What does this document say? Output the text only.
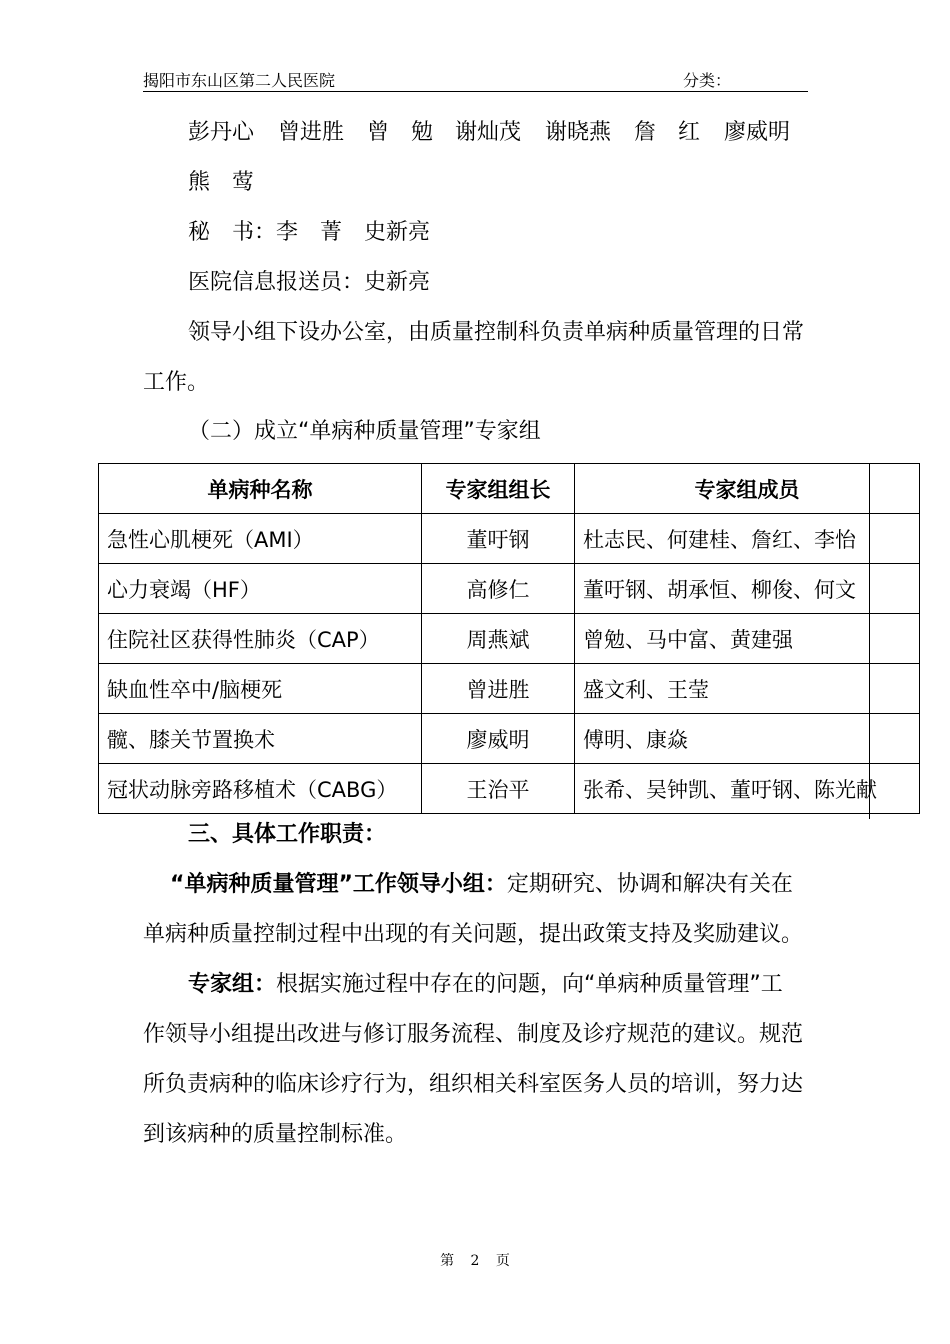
揭阳市东山区第二人民医院	分类：
彭丹心 曾进胜 曾　勉 谢灿茂 谢晓燕 詹　红 廖威明
熊　莺
秘　书：李　菁　史新亮
医院信息报送员：史新亮
领导小组下设办公室，由质量控制科负责单病种质量管理的日常
工作。
（二）成立“单病种质量管理”专家组
单病种名称	专家组组长	专家组成员
急性心肌梗死（AMI）	董吁钢	杜志民、何建桂、詹红、李怡
心力衰竭（HF）	高修仁	董吁钢、胡承恒、柳俊、何文
住院社区获得性肺炎（CAP）	周燕斌	曾勉、马中富、黄建强
缺血性卒中/脑梗死	曾进胜	盛文利、王莹
髋、膝关节置换术	廖威明	傅明、康焱
冠状动脉旁路移植术（CABG）	王治平	张希、吴钟凯、董吁钢、陈光献
三、具体工作职责：
“单病种质量管理”工作领导小组：定期研究、协调和解决有关在
单病种质量控制过程中出现的有关问题，提出政策支持及奖励建议。
专家组：根据实施过程中存在的问题，向“单病种质量管理”工
作领导小组提出改进与修订服务流程、制度及诊疗规范的建议。规范
所负责病种的临床诊疗行为，组织相关科室医务人员的培训，努力达
到该病种的质量控制标准。
第 2 页
